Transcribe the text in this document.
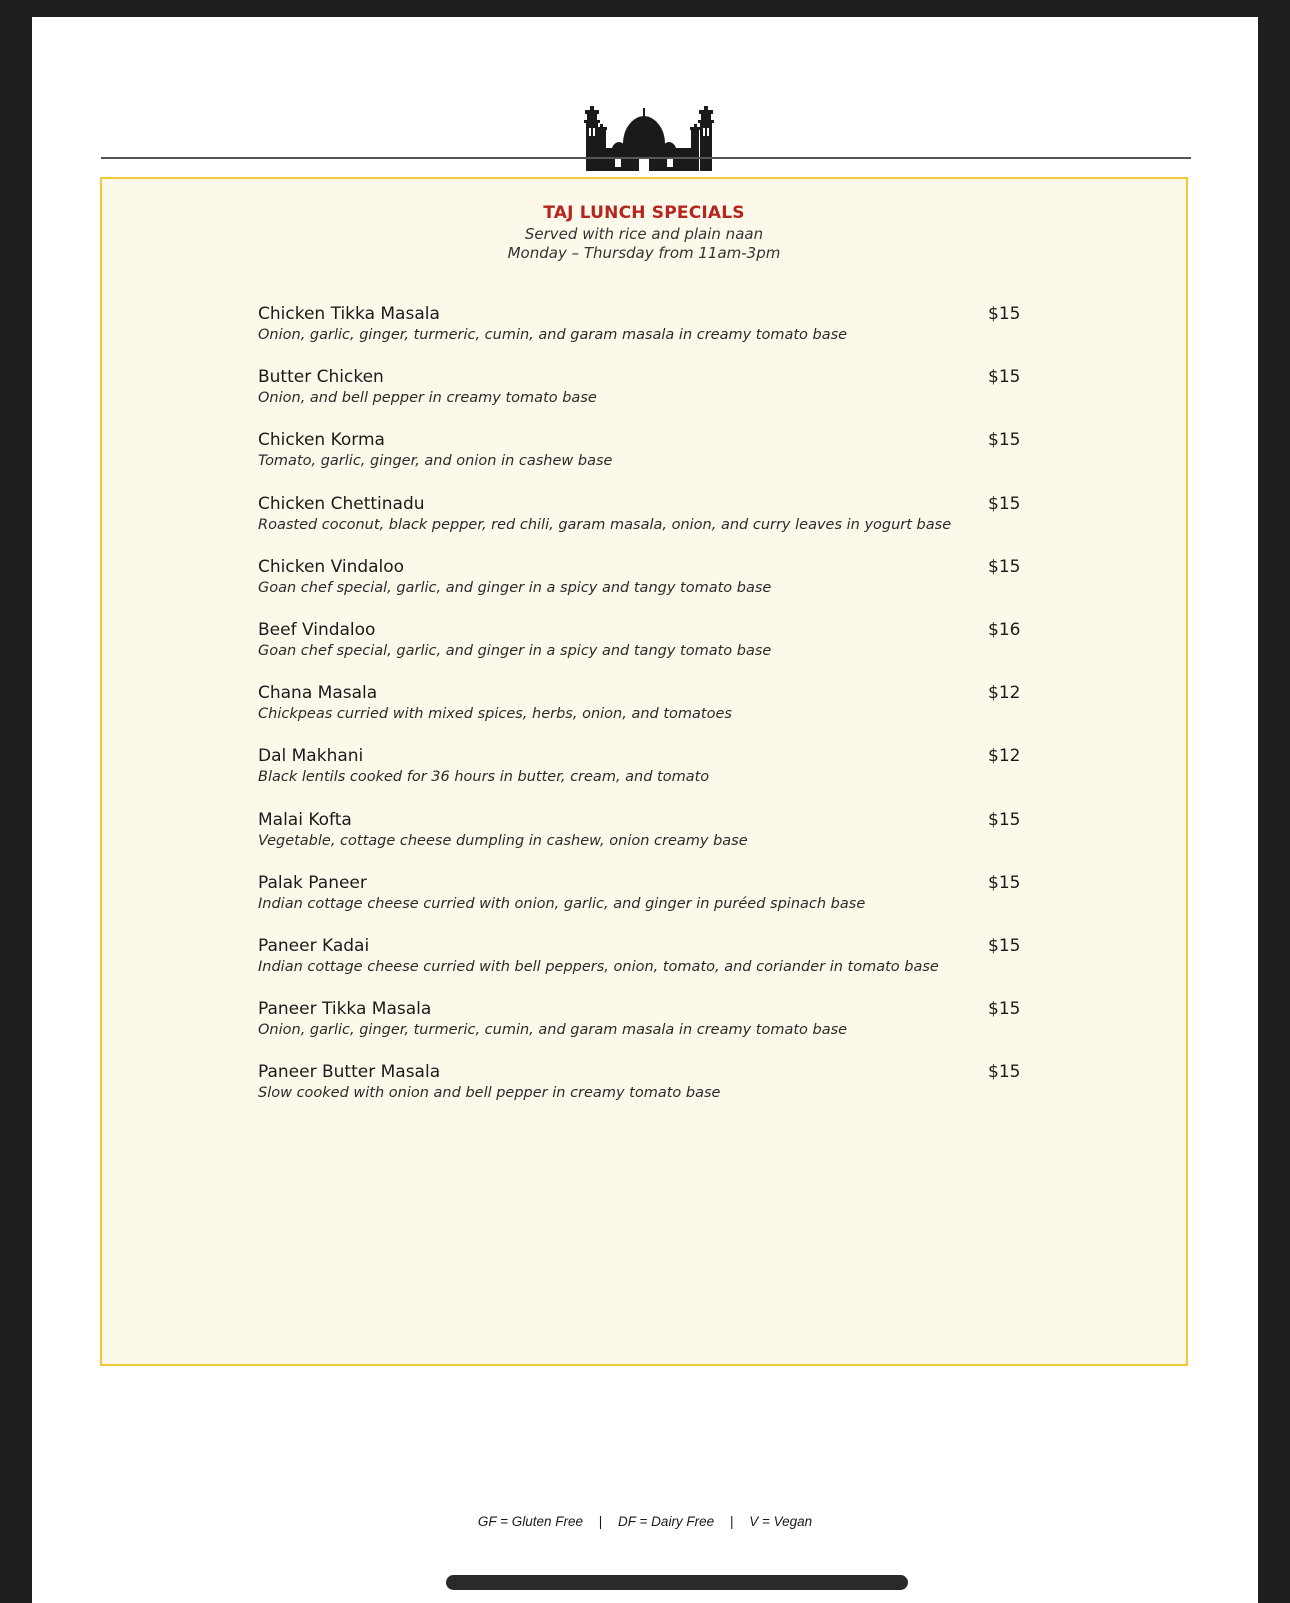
TAJ LUNCH SPECIALS
Served with rice and plain naan
Monday – Thursday from 11am-3pm
Chicken Tikka Masala
Onion, garlic, ginger, turmeric, cumin, and garam masala in creamy tomato base
$15
Butter Chicken
Onion, and bell pepper in creamy tomato base
$15
Chicken Korma
Tomato, garlic, ginger, and onion in cashew base
$15
Chicken Chettinadu
Roasted coconut, black pepper, red chili, garam masala, onion, and curry leaves in yogurt base
$15
Chicken Vindaloo
Goan chef special, garlic, and ginger in a spicy and tangy tomato base
$15
Beef Vindaloo
Goan chef special, garlic, and ginger in a spicy and tangy tomato base
$16
Chana Masala
Chickpeas curried with mixed spices, herbs, onion, and tomatoes
$12
Dal Makhani
Black lentils cooked for 36 hours in butter, cream, and tomato
$12
Malai Kofta
Vegetable, cottage cheese dumpling in cashew, onion creamy base
$15
Palak Paneer
Indian cottage cheese curried with onion, garlic, and ginger in puréed spinach base
$15
Paneer Kadai
Indian cottage cheese curried with bell peppers, onion, tomato, and coriander in tomato base
$15
Paneer Tikka Masala
Onion, garlic, ginger, turmeric, cumin, and garam masala in creamy tomato base
$15
Paneer Butter Masala
Slow cooked with onion and bell pepper in creamy tomato base
$15
GF = Gluten Free | DF = Dairy Free | V = Vegan
